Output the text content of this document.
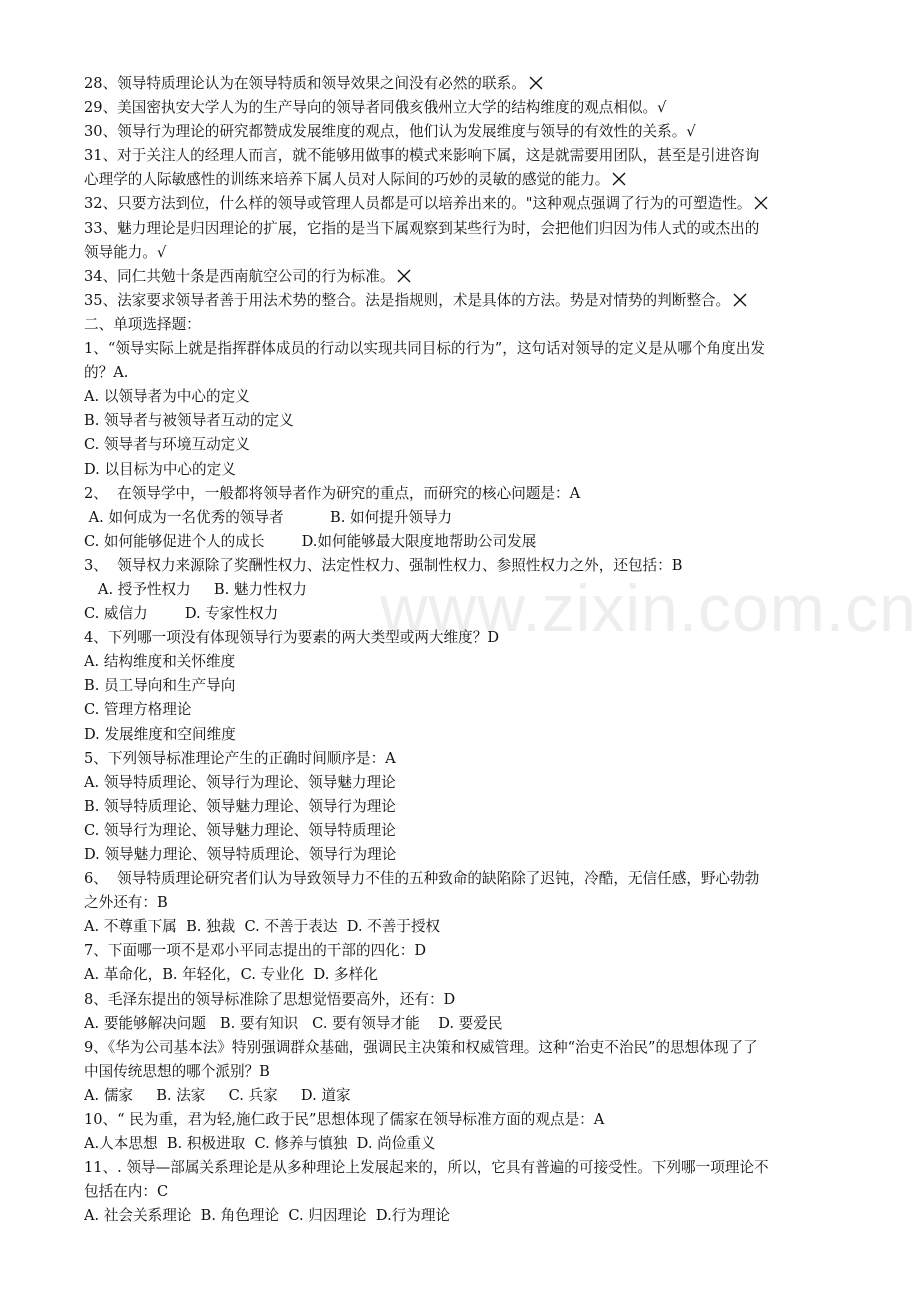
www.zixin.com.cn
28、领导特质理论认为在领导特质和领导效果之间没有必然的联系。
29、美国密执安大学人为的生产导向的领导者同俄亥俄州立大学的结构维度的观点相似。√
30、领导行为理论的研究都赞成发展维度的观点，他们认为发展维度与领导的有效性的关系。√
31、对于关注人的经理人而言，就不能够用做事的模式来影响下属，这是就需要用团队，甚至是引进咨询
心理学的人际敏感性的训练来培养下属人员对人际间的巧妙的灵敏的感觉的能力。
32、只要方法到位，什么样的领导或管理人员都是可以培养出来的。"这种观点强调了行为的可塑造性。
33、魅力理论是归因理论的扩展，它指的是当下属观察到某些行为时，会把他们归因为伟人式的或杰出的
领导能力。√
34、同仁共勉十条是西南航空公司的行为标准。
35、法家要求领导者善于用法术势的整合。法是指规则，术是具体的方法。势是对情势的判断整合。
二、单项选择题：
1、“领导实际上就是指挥群体成员的行动以实现共同目标的行为”，这句话对领导的定义是从哪个角度出发
的？A.
A. 以领导者为中心的定义
B. 领导者与被领导者互动的定义
C. 领导者与环境互动定义
D. 以目标为中心的定义
2、  在领导学中，一般都将领导者作为研究的重点，而研究的核心问题是：A
A. 如何成为一名优秀的领导者          B. 如何提升领导力
C. 如何能够促进个人的成长        D.如何能够最大限度地帮助公司发展
3、  领导权力来源除了奖酬性权力、法定性权力、强制性权力、参照性权力之外，还包括：B
A. 授予性权力     B. 魅力性权力
C. 威信力        D. 专家性权力
4、下列哪一项没有体现领导行为要素的两大类型或两大维度？D
A. 结构维度和关怀维度
B. 员工导向和生产导向
C. 管理方格理论
D. 发展维度和空间维度
5、下列领导标准理论产生的正确时间顺序是：A
A. 领导特质理论、领导行为理论、领导魅力理论
B. 领导特质理论、领导魅力理论、领导行为理论
C. 领导行为理论、领导魅力理论、领导特质理论
D. 领导魅力理论、领导特质理论、领导行为理论
6、  领导特质理论研究者们认为导致领导力不佳的五种致命的缺陷除了迟钝，冷酷，无信任感，野心勃勃
之外还有：B
A. 不尊重下属  B. 独裁  C. 不善于表达  D. 不善于授权
7、下面哪一项不是邓小平同志提出的干部的四化：D
A. 革命化，B. 年轻化，C. 专业化  D. 多样化
8、毛泽东提出的领导标准除了思想觉悟要高外，还有：D
A. 要能够解决问题   B. 要有知识   C. 要有领导才能    D. 要爱民
9、《华为公司基本法》特别强调群众基础，强调民主决策和权威管理。这种“治吏不治民”的思想体现了了
中国传统思想的哪个派别？B
A. 儒家     B. 法家     C. 兵家     D. 道家
10、“ 民为重，君为轻,施仁政于民”思想体现了儒家在领导标准方面的观点是：A
A.人本思想  B. 积极进取  C. 修养与慎独  D. 尚俭重义
11、. 领导—部属关系理论是从多种理论上发展起来的，所以，它具有普遍的可接受性。下列哪一项理论不
包括在内：C
A. 社会关系理论  B. 角色理论  C. 归因理论  D.行为理论
